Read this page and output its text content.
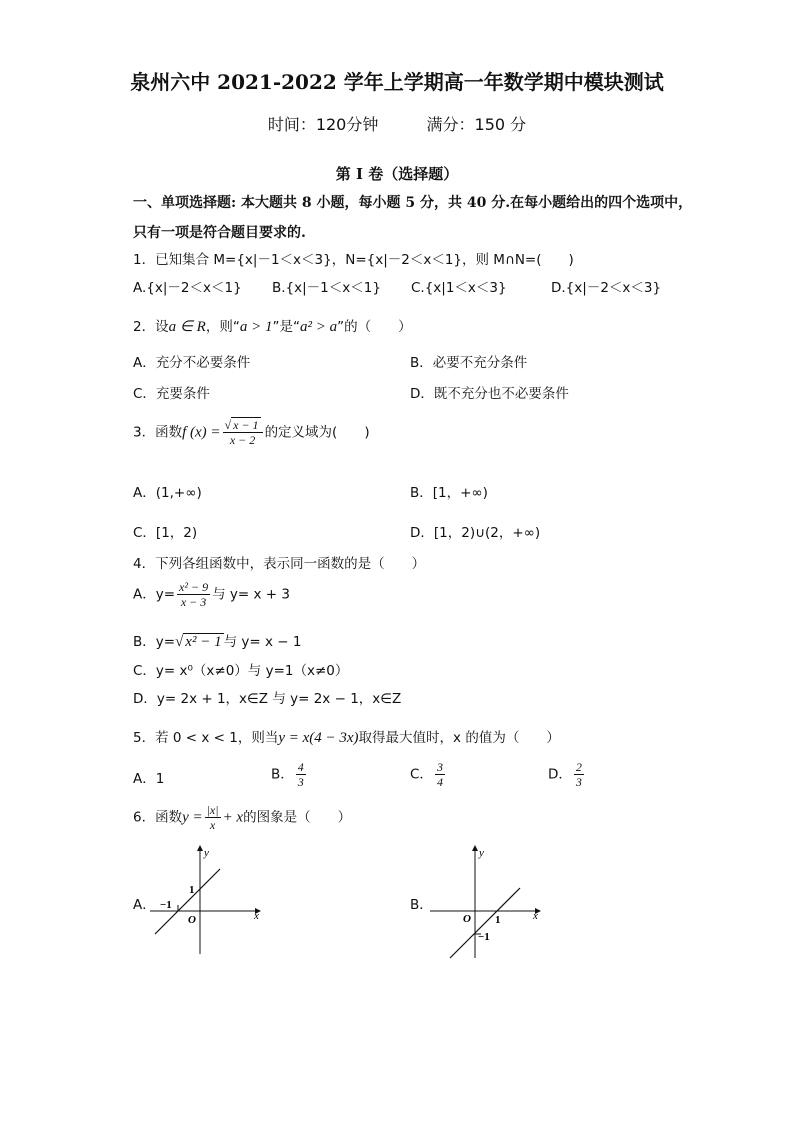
泉州六中 2021-2022 学年上学期高一年数学期中模块测试
时间：120分钟	满分：150 分
第 I 卷（选择题）
一、单项选择题: 本大题共 8 小题，每小题 5 分，共 40 分.在每小题给出的四个选项中，
只有一项是符合题目要求的.
1．已知集合 M={x|－1＜x＜3}，N={x|－2＜x＜1}，则 M∩N=(　　)
A.{x|－2＜x＜1} B.{x|－1＜x＜1} C.{x|1＜x＜3}	D.{x|－2＜x＜3}
2．设a ∈ R，则“a > 1”是“a² > a”的（　　）
A．充分不必要条件	B．必要不充分条件
C．充要条件	D．既不充分也不必要条件
3．函数f $(x) = \frac{√ x - 1}{x - 2}$ 的定义域为(　　)
A．(1,+∞)	B．[1，+∞)
C．[1，2)	D．[1，2)∪(2，+∞)
4．下列各组函数中，表示同一函数的是（　　）
A．$y= \frac{\text{x² − 9}}{x - 3}$ 与 y= x + 3
B．y=√ x² − 1 与 y= x − 1
C．y= x⁰（x≠0）与 y=1（x≠0）
D．y= 2x + 1，x∈Z 与 y= 2x − 1，x∈Z
5．若 0 < x < 1，则当y = x(4 − 3x)取得最大值时，x 的值为（　　）
A．1	B． $\frac{4}{3}$	C． $\frac{3}{4}$	D． $\frac{2}{3}$
6．函数$y = \frac{|x|}{x} + x$的图象是（　　）
A．
y
x
O
1
−1	B．
y
x
O 1
−1
